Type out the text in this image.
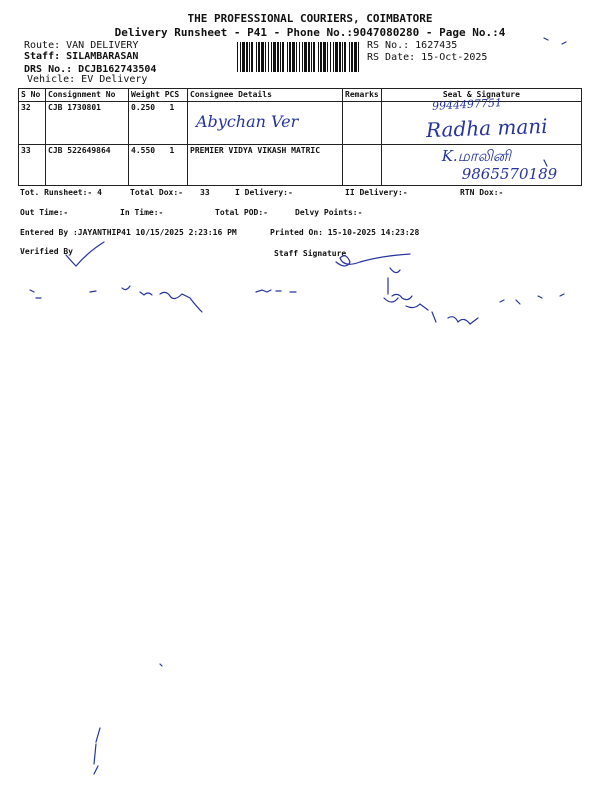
THE PROFESSIONAL COURIERS, COIMBATORE
Delivery Runsheet - P41 - Phone No.:9047080280 - Page No.:4
Route: VAN DELIVERY
Staff: SILAMBARASAN
DRS No.: DCJB162743504
Vehicle: EV Delivery
RS No.: 1627435
RS Date: 15-Oct-2025
S No	Consignment No	Weight PCS	Consignee Details	Remarks	Seal & Signature
32	CJB 1730801	0.250 1	Abychan Ver		9944497751
Radha mani

33	CJB 522649864	4.550 1	PREMIER VIDYA VIKASH MATRIC		K.மாலினி
9865570189
Tot. Runsheet:- 4	Total Dox:- 33	I Delivery:-	II Delivery:-	RTN Dox:-
Out Time:-	In Time:-	Total POD:-	Delvy Points:-
Entered By :JAYANTHIP41 10/15/2025 2:23:16 PM	Printed On: 15-10-2025 14:23:28
Verified By	Staff Signature
